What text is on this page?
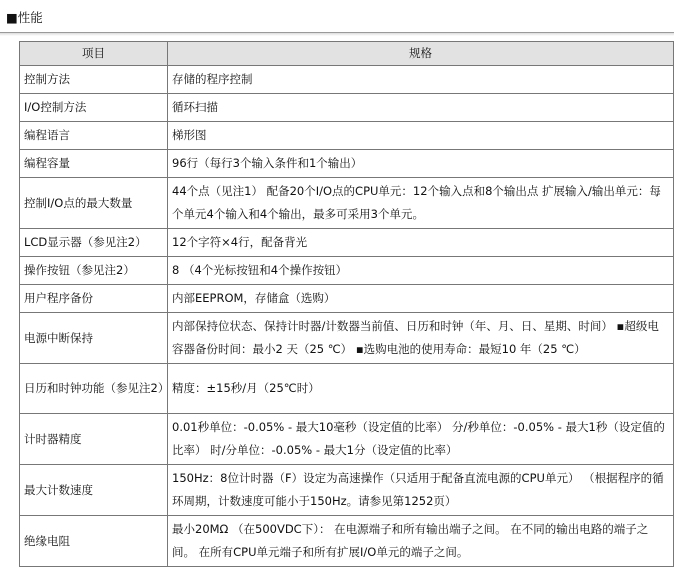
■性能
项目	规格
控制方法	存储的程序控制
I/O控制方法	循环扫描
编程语言	梯形图
编程容量	96行（每行3个输入条件和1个输出）
控制I/O点的最大数量	44个点（见注1） 配备20个I/O点的CPU单元：12个输入点和8个输出点 扩展输入/输出单元：每个单元4个输入和4个输出，最多可采用3个单元。
LCD显示器（参见注2）	12个字符×4行，配备背光
操作按钮（参见注2）	8 （4个光标按钮和4个操作按钮）
用户程序备份	内部EEPROM，存储盒（选购）
电源中断保持	内部保持位状态、保持计时器/计数器当前值、日历和时钟（年、月、日、星期、时间） ▪超级电容器备份时间：最小2 天（25 ℃） ▪选购电池的使用寿命：最短10 年（25 ℃）
日历和时钟功能（参见注2）	精度：±15秒/月（25℃时）
计时器精度	0.01秒单位：-0.05% - 最大10毫秒（设定值的比率） 分/秒单位：-0.05% - 最大1秒（设定值的比率） 时/分单位：-0.05% - 最大1分（设定值的比率）
最大计数速度	150Hz：8位计时器（F）设定为高速操作（只适用于配备直流电源的CPU单元） （根据程序的循环周期，计数速度可能小于150Hz。请参见第1252页）
绝缘电阻	最小20MΩ （在500VDC下）： 在电源端子和所有输出端子之间。 在不同的输出电路的端子之间。 在所有CPU单元端子和所有扩展I/O单元的端子之间。
